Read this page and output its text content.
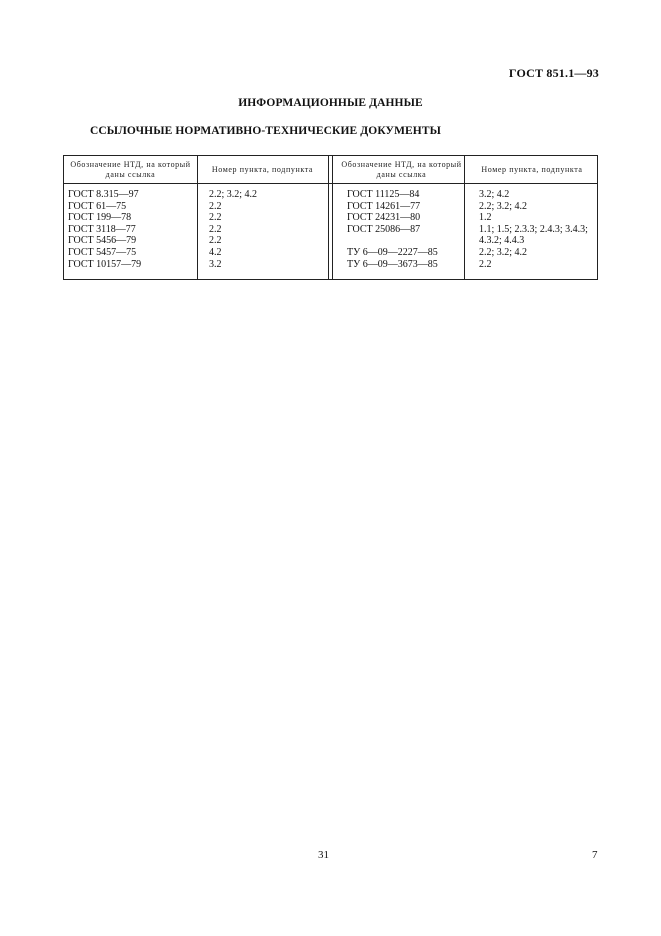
ГОСТ 851.1—93
ИНФОРМАЦИОННЫЕ ДАННЫЕ
ССЫЛОЧНЫЕ НОРМАТИВНО-ТЕХНИЧЕСКИЕ ДОКУМЕНТЫ
Обозначение НТД, на который даны ссылка
ГОСТ 8.315—97
ГОСТ 61—75
ГОСТ 199—78
ГОСТ 3118—77
ГОСТ 5456—79
ГОСТ 5457—75
ГОСТ 10157—79
Номер пункта, подпункта
2.2; 3.2; 4.2
2.2
2.2
2.2
2.2
4.2
3.2
Обозначение НТД, на который даны ссылка
ГОСТ 11125—84
ГОСТ 14261—77
ГОСТ 24231—80
ГОСТ 25086—87
ТУ 6—09—2227—85
ТУ 6—09—3673—85
Номер пункта, подпункта
3.2; 4.2
2.2; 3.2; 4.2
1.2
1.1; 1.5; 2.3.3; 2.4.3; 3.4.3; 4.3.2; 4.4.3
2.2; 3.2; 4.2
2.2
31	7
